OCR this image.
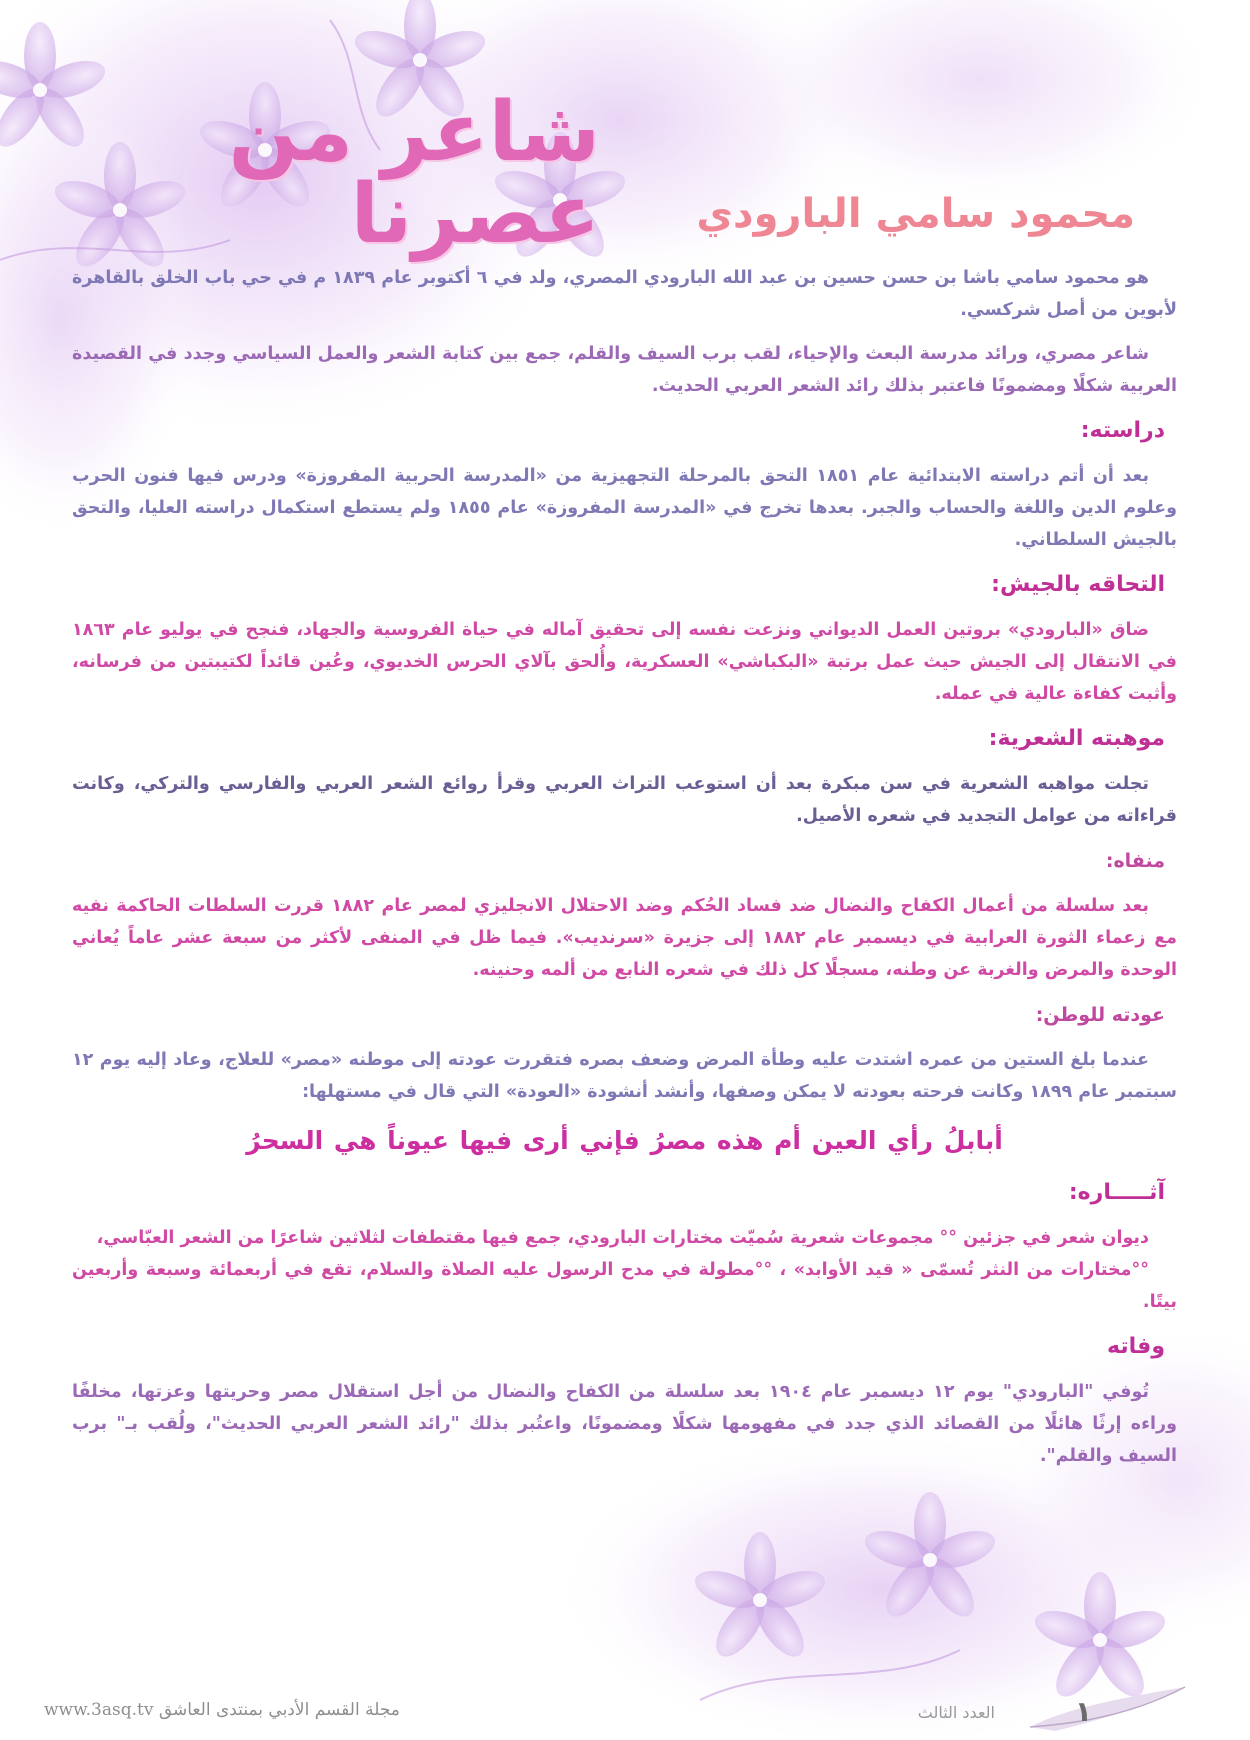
شاعر من عصرنا محمود سامي البارودي

هو محمود سامي باشا بن حسن حسين بن عبد الله البارودي المصري، ولد في ٦ أكتوبر عام ١٨٣٩ م في حي باب الخلق بالقاهرة لأبوين من أصل شركسي.

شاعر مصري، ورائد مدرسة البعث والإحياء، لقب برب السيف والقلم، جمع بين كتابة الشعر والعمل السياسي وجدد في القصيدة العربية شكلًا ومضمونًا فاعتبر بذلك رائد الشعر العربي الحديث.

دراسته:

بعد أن أتم دراسته الابتدائية عام ١٨٥١ التحق بالمرحلة التجهيزية من «المدرسة الحربية المفروزة» ودرس فيها فنون الحرب وعلوم الدين واللغة والحساب والجبر. بعدها تخرج في «المدرسة المفروزة» عام ١٨٥٥ ولم يستطع استكمال دراسته العليا، والتحق بالجيش السلطاني.

التحاقه بالجيش:

ضاق «البارودي» بروتين العمل الديواني ونزعت نفسه إلى تحقيق آماله في حياة الفروسية والجهاد، فنجح في يوليو عام ١٨٦٣ في الانتقال إلى الجيش حيث عمل برتبة «البكباشي» العسكرية، وأُلحق بآلاي الحرس الخديوي، وعُين قائداً لكتيبتين من فرسانه، وأثبت كفاءة عالية في عمله.

موهبته الشعرية:

تجلت مواهبه الشعرية في سن مبكرة بعد أن استوعب التراث العربي وقرأ روائع الشعر العربي والفارسي والتركي، وكانت قراءاته من عوامل التجديد في شعره الأصيل.

منفاه:

بعد سلسلة من أعمال الكفاح والنضال ضد فساد الحُكم وضد الاحتلال الانجليزي لمصر عام ١٨٨٢ قررت السلطات الحاكمة نفيه مع زعماء الثورة العرابية في ديسمبر عام ١٨٨٢ إلى جزيرة «سرنديب». فيما ظل في المنفى لأكثر من سبعة عشر عاماً يُعاني الوحدة والمرض والغربة عن وطنه، مسجلًا كل ذلك في شعره النابع من ألمه وحنينه.

عودته للوطن:

عندما بلغ الستين من عمره اشتدت عليه وطأة المرض وضعف بصره فتقررت عودته إلى موطنه «مصر» للعلاج، وعاد إليه يوم ١٢ سبتمبر عام ١٨٩٩ وكانت فرحته بعودته لا يمكن وصفها، وأنشد أنشودة «العودة» التي قال في مستهلها:

أبابلُ رأي العين أم هذه مصرُ فإني أرى فيها عيوناً هي السحرُ
آثـــــاره:

ديوان شعر في جزئين °° مجموعات شعرية سُميّت مختارات البارودي، جمع فيها مقتطفات لثلاثين شاعرًا من الشعر العبّاسي،

°°مختارات من النثر تُسمّى « قيد الأوابد» ، °°مطولة في مدح الرسول عليه الصلاة والسلام، تقع في أربعمائة وسبعة وأربعين بيتًا.

وفاته

تُوفي "البارودي" يوم ١٢ ديسمبر عام ١٩٠٤ بعد سلسلة من الكفاح والنضال من أجل استقلال مصر وحريتها وعزتها، مخلفًا وراءه إرثًا هائلًا من القصائد الذي جدد في مفهومها شكلًا ومضمونًا، واعتُبر بذلك "رائد الشعر العربي الحديث"، ولُقب بـ" برب السيف والقلم".

مجلة القسم الأدبي بمنتدى العاشق www.3asq.tv	العدد الثالث	١
